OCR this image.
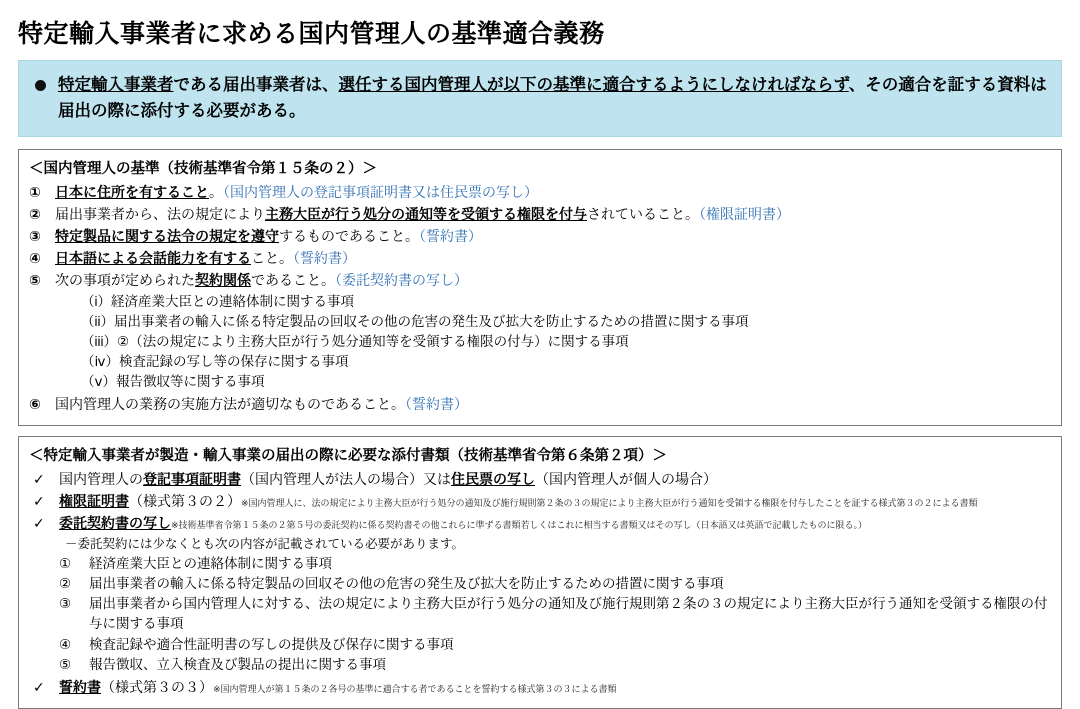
特定輸入事業者に求める国内管理人の基準適合義務
特定輸入事業者である届出事業者は、選任する国内管理人が以下の基準に適合するようにしなければならず、その適合を証する資料は届出の際に添付する必要がある。
＜国内管理人の基準（技術基準省令第１５条の２）＞
①	日本に住所を有すること。（国内管理人の登記事項証明書又は住民票の写し）
②	届出事業者から、法の規定により主務大臣が行う処分の通知等を受領する権限を付与されていること。（権限証明書）
③	特定製品に関する法令の規定を遵守するものであること。（誓約書）
④	日本語による会話能力を有すること。（誓約書）
⑤	次の事項が定められた契約関係であること。（委託契約書の写し）
（i）経済産業大臣との連絡体制に関する事項
（ii）届出事業者の輸入に係る特定製品の回収その他の危害の発生及び拡大を防止するための措置に関する事項
（iii）②（法の規定により主務大臣が行う処分通知等を受領する権限の付与）に関する事項
（ⅳ）検査記録の写し等の保存に関する事項
（ⅴ）報告徴収等に関する事項
⑥	国内管理人の業務の実施方法が適切なものであること。（誓約書）
＜特定輸入事業者が製造・輸入事業の届出の際に必要な添付書類（技術基準省令第６条第２項）＞
✓	国内管理人の登記事項証明書（国内管理人が法人の場合）又は住民票の写し（国内管理人が個人の場合）
✓	権限証明書（様式第３の２）※国内管理人に、法の規定により主務大臣が行う処分の通知及び施行規則第２条の３の規定により主務大臣が行う通知を受領する権限を付与したことを証する様式第３の２による書類
✓	委託契約書の写し※技術基準省令第１５条の２第５号の委託契約に係る契約書その他これらに準ずる書類若しくはこれに相当する書類又はその写し（日本語又は英語で記載したものに限る。）
－委託契約には少なくとも次の内容が記載されている必要があります。
①	経済産業大臣との連絡体制に関する事項
②	届出事業者の輸入に係る特定製品の回収その他の危害の発生及び拡大を防止するための措置に関する事項
③	届出事業者から国内管理人に対する、法の規定により主務大臣が行う処分の通知及び施行規則第２条の３の規定により主務大臣が行う通知を受領する権限の付与に関する事項
④	検査記録や適合性証明書の写しの提供及び保存に関する事項
⑤	報告徴収、立入検査及び製品の提出に関する事項
✓	誓約書（様式第３の３）※国内管理人が第１５条の２各号の基準に適合する者であることを誓約する様式第３の３による書類
